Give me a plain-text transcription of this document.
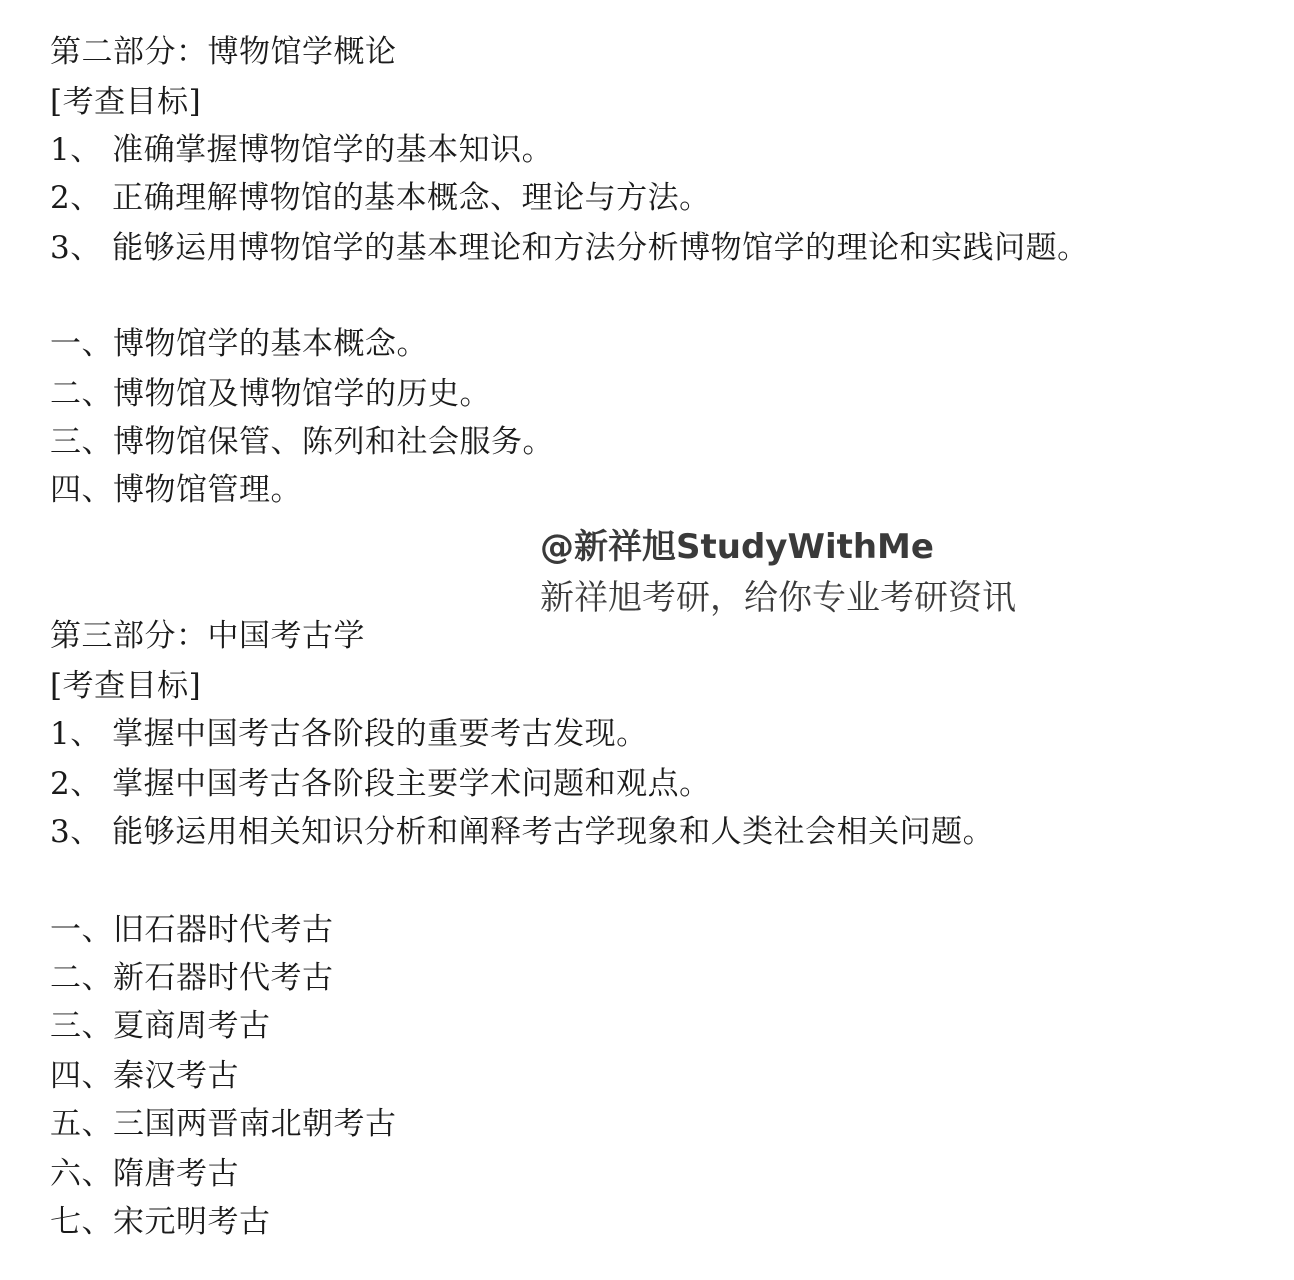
第二部分：博物馆学概论
[考查目标]
1、 准确掌握博物馆学的基本知识。
2、 正确理解博物馆的基本概念、理论与方法。
3、 能够运用博物馆学的基本理论和方法分析博物馆学的理论和实践问题。
一、博物馆学的基本概念。
二、博物馆及博物馆学的历史。
三、博物馆保管、陈列和社会服务。
四、博物馆管理。
@新祥旭StudyWithMe
新祥旭考研，给你专业考研资讯
第三部分：中国考古学
[考查目标]
1、 掌握中国考古各阶段的重要考古发现。
2、 掌握中国考古各阶段主要学术问题和观点。
3、 能够运用相关知识分析和阐释考古学现象和人类社会相关问题。
一、旧石器时代考古
二、新石器时代考古
三、夏商周考古
四、秦汉考古
五、三国两晋南北朝考古
六、隋唐考古
七、宋元明考古
